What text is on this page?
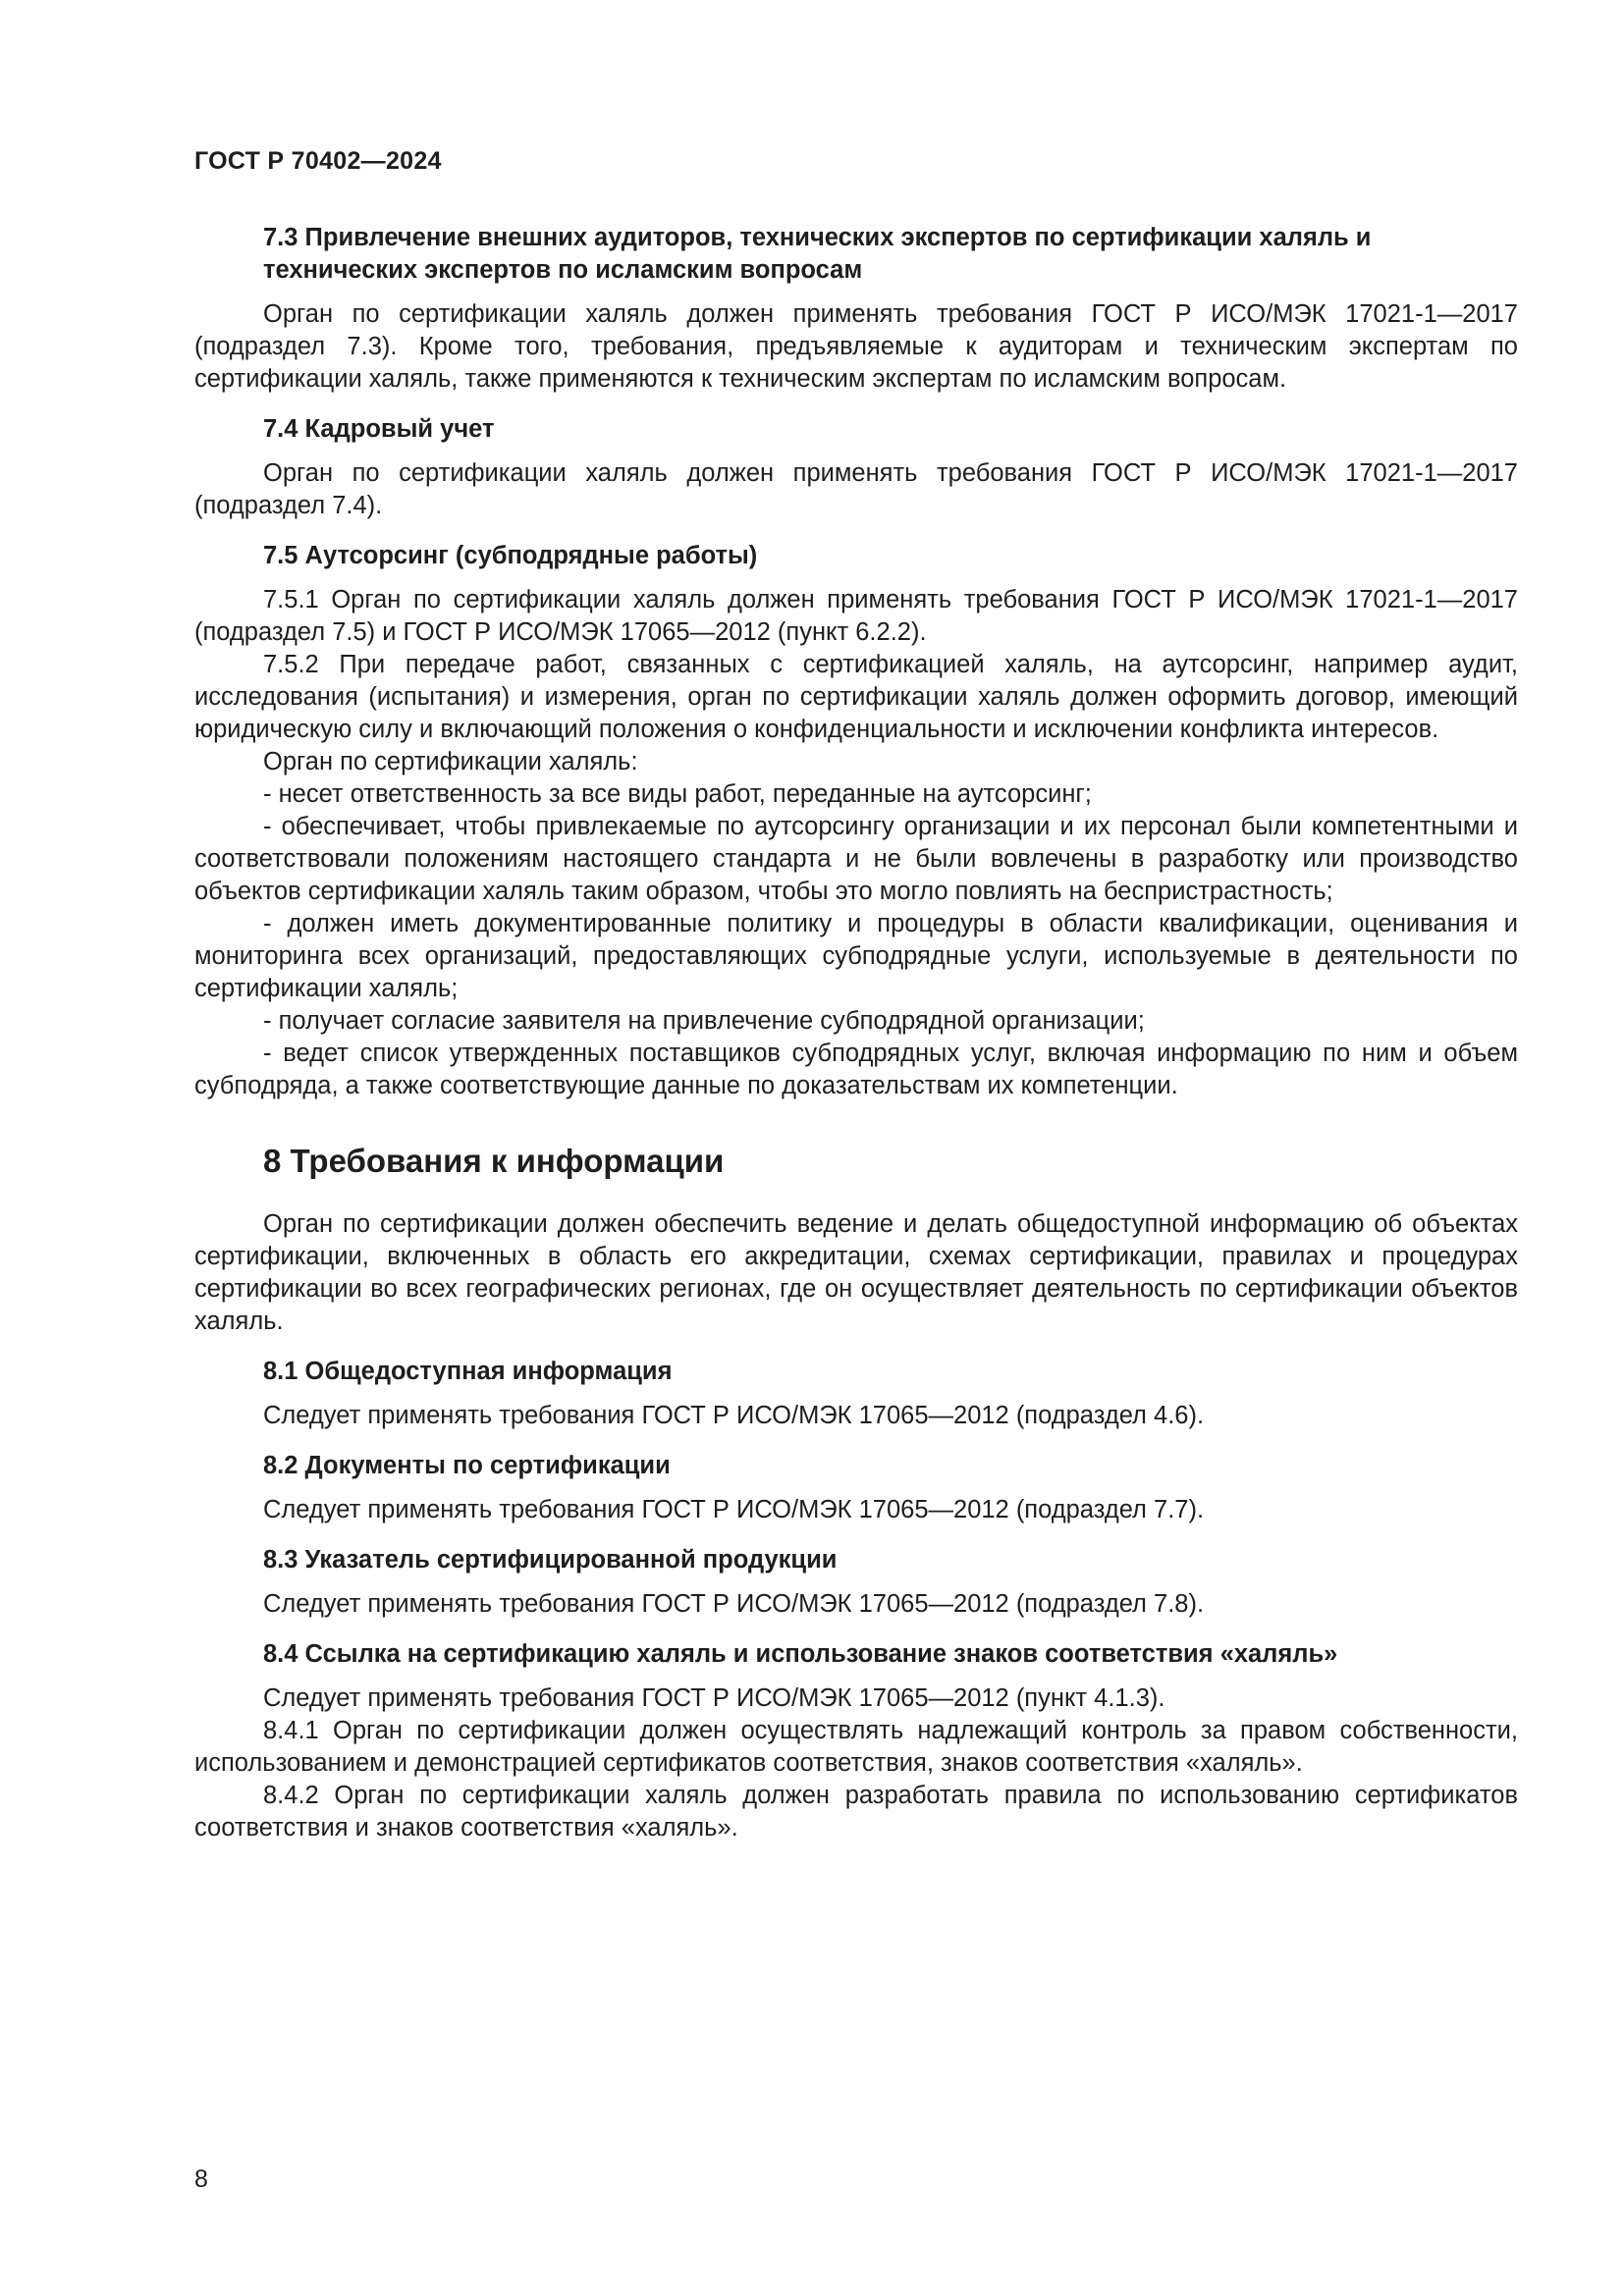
ГОСТ Р 70402—2024
7.3 Привлечение внешних аудиторов, технических экспертов по сертификации халяль и технических экспертов по исламским вопросам

Орган по сертификации халяль должен применять требования ГОСТ Р ИСО/МЭК 17021-1—2017 (подраздел 7.3). Кроме того, требования, предъявляемые к аудиторам и техническим экспертам по сертификации халяль, также применяются к техническим экспертам по исламским вопросам.

7.4 Кадровый учет

Орган по сертификации халяль должен применять требования ГОСТ Р ИСО/МЭК 17021-1—2017 (подраздел 7.4).

7.5 Аутсорсинг (субподрядные работы)

7.5.1 Орган по сертификации халяль должен применять требования ГОСТ Р ИСО/МЭК 17021-1—2017 (подраздел 7.5) и ГОСТ Р ИСО/МЭК 17065—2012 (пункт 6.2.2).

7.5.2 При передаче работ, связанных с сертификацией халяль, на аутсорсинг, например аудит, исследования (испытания) и измерения, орган по сертификации халяль должен оформить договор, имеющий юридическую силу и включающий положения о конфиденциальности и исключении конфликта интересов.

Орган по сертификации халяль:

- несет ответственность за все виды работ, переданные на аутсорсинг;

- обеспечивает, чтобы привлекаемые по аутсорсингу организации и их персонал были компетентными и соответствовали положениям настоящего стандарта и не были вовлечены в разработку или производство объектов сертификации халяль таким образом, чтобы это могло повлиять на беспристрастность;

- должен иметь документированные политику и процедуры в области квалификации, оценивания и мониторинга всех организаций, предоставляющих субподрядные услуги, используемые в деятельности по сертификации халяль;

- получает согласие заявителя на привлечение субподрядной организации;

- ведет список утвержденных поставщиков субподрядных услуг, включая информацию по ним и объем субподряда, а также соответствующие данные по доказательствам их компетенции.

8 Требования к информации

Орган по сертификации должен обеспечить ведение и делать общедоступной информацию об объектах сертификации, включенных в область его аккредитации, схемах сертификации, правилах и процедурах сертификации во всех географических регионах, где он осуществляет деятельность по сертификации объектов халяль.

8.1 Общедоступная информация

Следует применять требования ГОСТ Р ИСО/МЭК 17065—2012 (подраздел 4.6).

8.2 Документы по сертификации

Следует применять требования ГОСТ Р ИСО/МЭК 17065—2012 (подраздел 7.7).

8.3 Указатель сертифицированной продукции

Следует применять требования ГОСТ Р ИСО/МЭК 17065—2012 (подраздел 7.8).

8.4 Ссылка на сертификацию халяль и использование знаков соответствия «халяль»

Следует применять требования ГОСТ Р ИСО/МЭК 17065—2012 (пункт 4.1.3).

8.4.1 Орган по сертификации должен осуществлять надлежащий контроль за правом собственности, использованием и демонстрацией сертификатов соответствия, знаков соответствия «халяль».

8.4.2 Орган по сертификации халяль должен разработать правила по использованию сертификатов соответствия и знаков соответствия «халяль».

8
